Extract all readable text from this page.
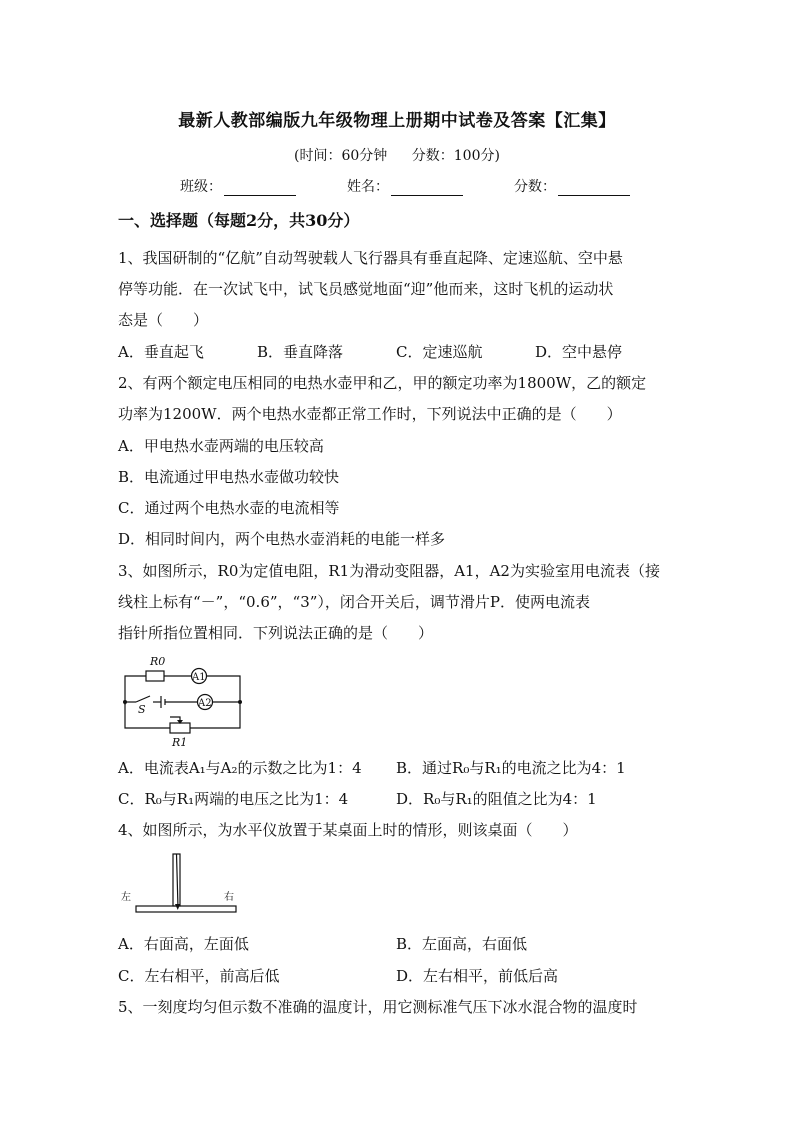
最新人教部编版九年级物理上册期中试卷及答案【汇集】
(时间：60分钟 分数：100分)
班级：	姓名：	分数：
一、选择题（每题2分，共30分）
1、我国研制的“亿航”自动驾驶载人飞行器具有垂直起降、定速巡航、空中悬
停等功能．在一次试飞中，试飞员感觉地面“迎”他而来，这时飞机的运动状
态是（　　）
A．垂直起飞	B．垂直降落	C．定速巡航	D．空中悬停
2、有两个额定电压相同的电热水壶甲和乙，甲的额定功率为1800W，乙的额定
功率为1200W．两个电热水壶都正常工作时，下列说法中正确的是（　　）
A．甲电热水壶两端的电压较高
B．电流通过甲电热水壶做功较快
C．通过两个电热水壶的电流相等
D．相同时间内，两个电热水壶消耗的电能一样多
3、如图所示，R0为定值电阻，R1为滑动变阻器，A1，A2为实验室用电流表（接
线柱上标有“－”，“0.6”，“3”），闭合开关后，调节滑片P．使两电流表
指针所指位置相同．下列说法正确的是（　　）
R0
A1
A2
S
R1
A．电流表A₁与A₂的示数之比为1：4 B．通过R₀与R₁的电流之比为4：1
C．R₀与R₁两端的电压之比为1：4	D．R₀与R₁的阻值之比为4：1
4、如图所示，为水平仪放置于某桌面上时的情形，则该桌面（　　）
左	右
A．右面高，左面低	B．左面高，右面低
C．左右相平，前高后低	D．左右相平，前低后高
5、一刻度均匀但示数不准确的温度计，用它测标准气压下冰水混合物的温度时
